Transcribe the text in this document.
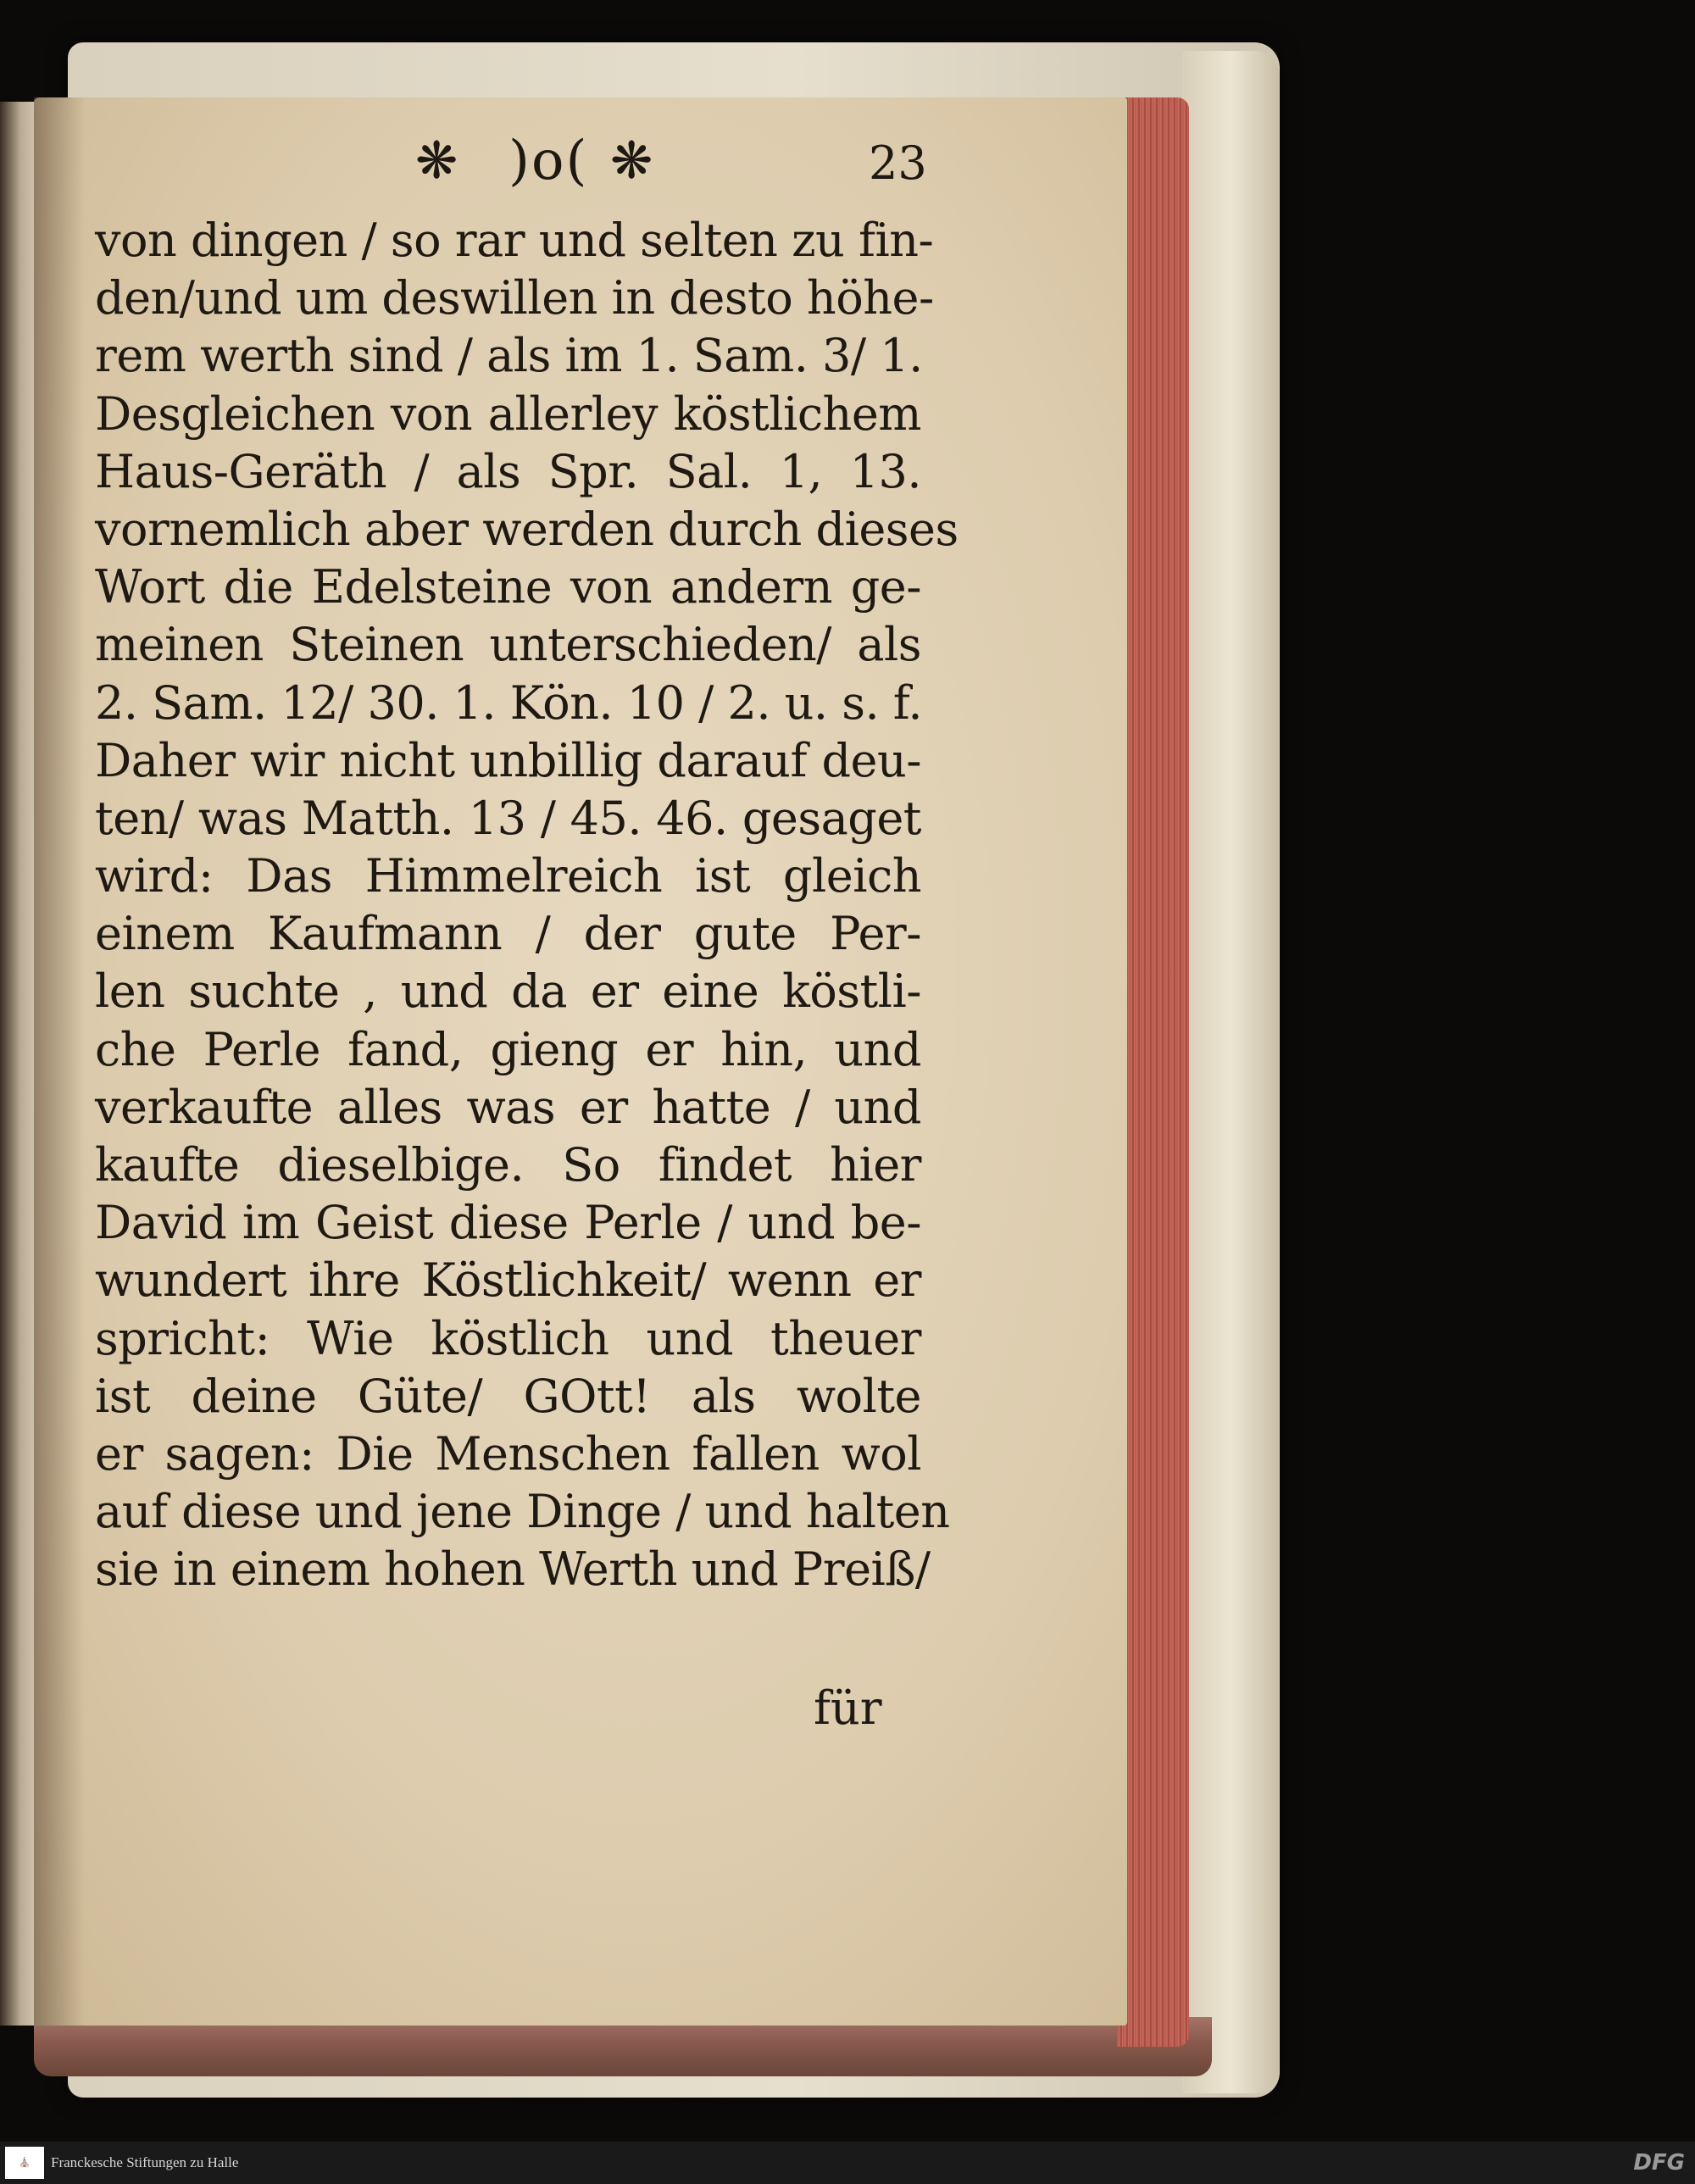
❋ )o( ❋	23
von dingen / so rar und selten zu fin-
den/und um deswillen in desto höhe-
rem werth sind / als im 1. Sam. 3/ 1.
Desgleichen von allerley köstlichem
Haus-Geräth / als Spr. Sal. 1, 13.
vornemlich aber werden durch dieses
Wort die Edelsteine von andern ge-
meinen Steinen unterschieden/ als
2. Sam. 12/ 30. 1. Kön. 10 / 2. u. s. f.
Daher wir nicht unbillig darauf deu-
ten/ was Matth. 13 / 45. 46. gesaget
wird: Das Himmelreich ist gleich
einem Kaufmann / der gute Per-
len suchte , und da er eine köstli-
che Perle fand, gieng er hin, und
verkaufte alles was er hatte / und
kaufte dieselbige. So findet hier
David im Geist diese Perle / und be-
wundert ihre Köstlichkeit/ wenn er
spricht: Wie köstlich und theuer
ist deine Güte/ GOtt! als wolte
er sagen: Die Menschen fallen wol
auf diese und jene Dinge / und halten
sie in einem hohen Werth und Preiß/
für
⛪	Franckesche Stiftungen zu Halle	DFG
